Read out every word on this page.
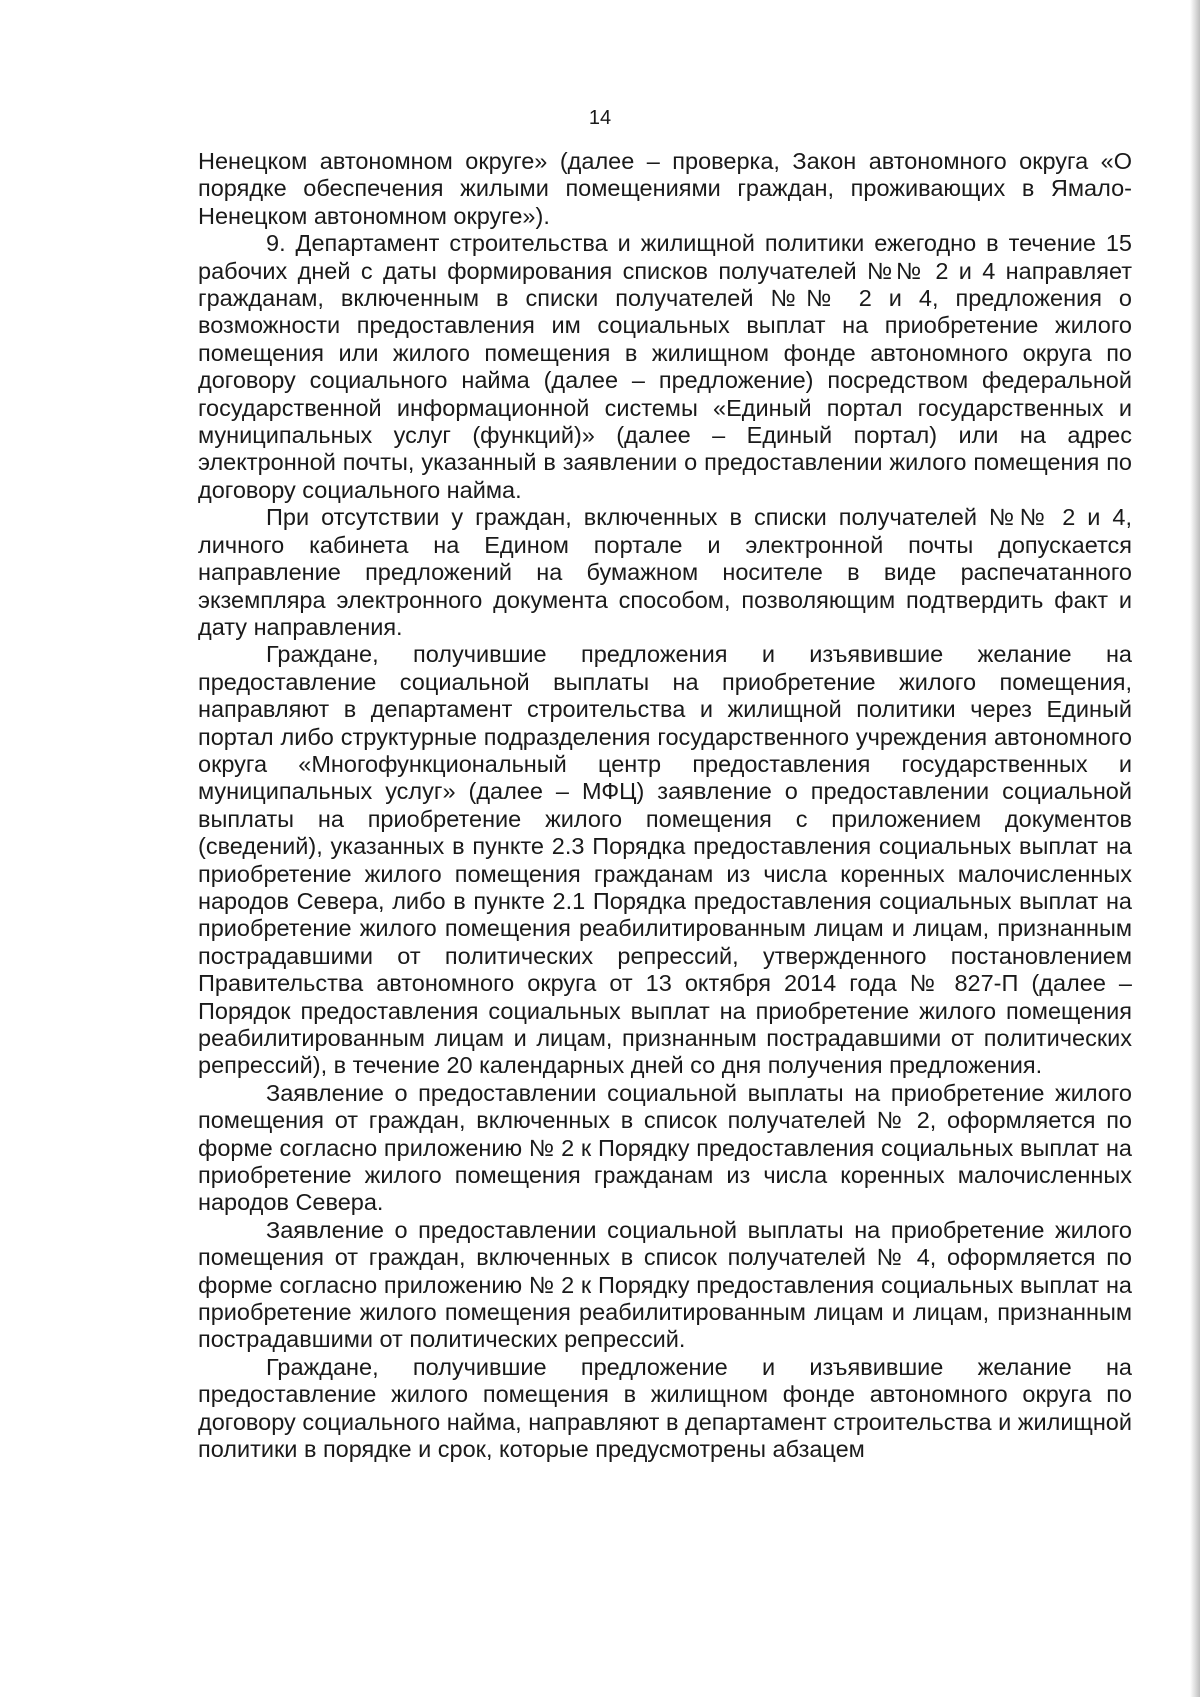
14

Ненецком автономном округе» (далее – проверка, Закон автономного округа «О порядке обеспечения жилыми помещениями граждан, проживающих в Ямало-Ненецком автономном округе»).

9. Департамент строительства и жилищной политики ежегодно в течение 15 рабочих дней с даты формирования списков получателей №№ 2 и 4 направляет гражданам, включенным в списки получателей №№ 2 и 4, предложения о возможности предоставления им социальных выплат на приобретение жилого помещения или жилого помещения в жилищном фонде автономного округа по договору социального найма (далее – предложение) посредством федеральной государственной информационной системы «Единый портал государственных и муниципальных услуг (функций)» (далее – Единый портал) или на адрес электронной почты, указанный в заявлении о предоставлении жилого помещения по договору социального найма.

При отсутствии у граждан, включенных в списки получателей №№ 2 и 4, личного кабинета на Едином портале и электронной почты допускается направление предложений на бумажном носителе в виде распечатанного экземпляра электронного документа способом, позволяющим подтвердить факт и дату направления.

Граждане, получившие предложения и изъявившие желание на предоставление социальной выплаты на приобретение жилого помещения, направляют в департамент строительства и жилищной политики через Единый портал либо структурные подразделения государственного учреждения автономного округа «Многофункциональный центр предоставления государственных и муниципальных услуг» (далее – МФЦ) заявление о предоставлении социальной выплаты на приобретение жилого помещения с приложением документов (сведений), указанных в пункте 2.3 Порядка предоставления социальных выплат на приобретение жилого помещения гражданам из числа коренных малочисленных народов Севера, либо в пункте 2.1 Порядка предоставления социальных выплат на приобретение жилого помещения реабилитированным лицам и лицам, признанным пострадавшими от политических репрессий, утвержденного постановлением Правительства автономного округа от 13 октября 2014 года № 827-П (далее – Порядок предоставления социальных выплат на приобретение жилого помещения реабилитированным лицам и лицам, признанным пострадавшими от политических репрессий), в течение 20 календарных дней со дня получения предложения.

Заявление о предоставлении социальной выплаты на приобретение жилого помещения от граждан, включенных в список получателей № 2, оформляется по форме согласно приложению № 2 к Порядку предоставления социальных выплат на приобретение жилого помещения гражданам из числа коренных малочисленных народов Севера.

Заявление о предоставлении социальной выплаты на приобретение жилого помещения от граждан, включенных в список получателей № 4, оформляется по форме согласно приложению № 2 к Порядку предоставления социальных выплат на приобретение жилого помещения реабилитированным лицам и лицам, признанным пострадавшими от политических репрессий.

Граждане, получившие предложение и изъявившие желание на предоставление жилого помещения в жилищном фонде автономного округа по договору социального найма, направляют в департамент строительства и жилищной политики в порядке и срок, которые предусмотрены абзацем
